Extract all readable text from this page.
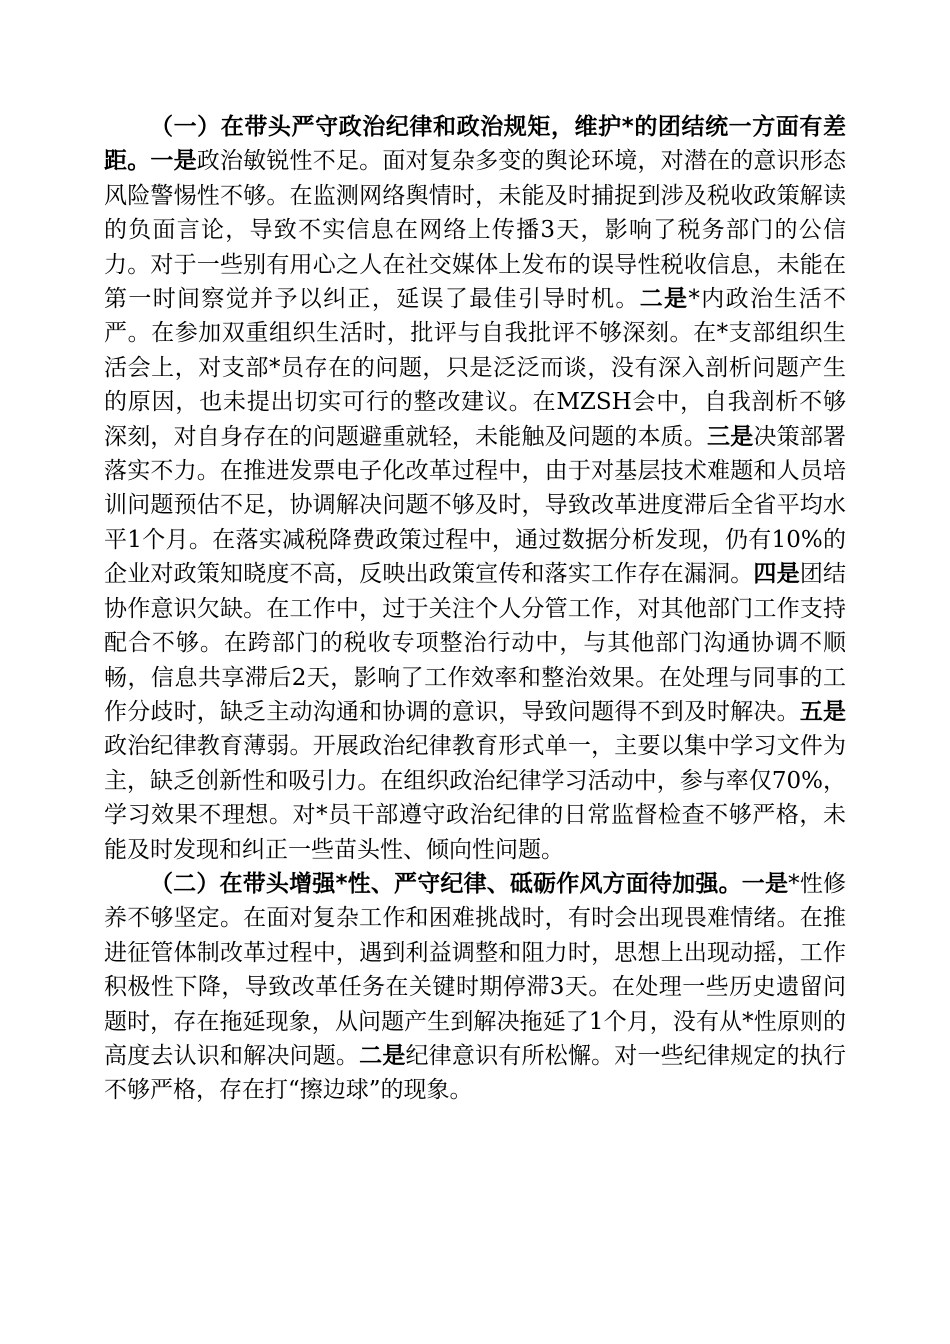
（一）在带头严守政治纪律和政治规矩，维护*的团结统一方面有差距。一是政治敏锐性不足。面对复杂多变的舆论环境，对潜在的意识形态风险警惕性不够。在监测网络舆情时，未能及时捕捉到涉及税收政策解读的负面言论，导致不实信息在网络上传播3天，影响了税务部门的公信力。对于一些别有用心之人在社交媒体上发布的误导性税收信息，未能在第一时间察觉并予以纠正，延误了最佳引导时机。二是*内政治生活不严。在参加双重组织生活时，批评与自我批评不够深刻。在*支部组织生活会上，对支部*员存在的问题，只是泛泛而谈，没有深入剖析问题产生的原因，也未提出切实可行的整改建议。在MZSH会中，自我剖析不够深刻，对自身存在的问题避重就轻，未能触及问题的本质。三是决策部署落实不力。在推进发票电子化改革过程中，由于对基层技术难题和人员培训问题预估不足，协调解决问题不够及时，导致改革进度滞后全省平均水平1个月。在落实减税降费政策过程中，通过数据分析发现，仍有10%的企业对政策知晓度不高，反映出政策宣传和落实工作存在漏洞。四是团结协作意识欠缺。在工作中，过于关注个人分管工作，对其他部门工作支持配合不够。在跨部门的税收专项整治行动中，与其他部门沟通协调不顺畅，信息共享滞后2天，影响了工作效率和整治效果。在处理与同事的工作分歧时，缺乏主动沟通和协调的意识，导致问题得不到及时解决。五是政治纪律教育薄弱。开展政治纪律教育形式单一，主要以集中学习文件为主，缺乏创新性和吸引力。在组织政治纪律学习活动中，参与率仅70%，学习效果不理想。对*员干部遵守政治纪律的日常监督检查不够严格，未能及时发现和纠正一些苗头性、倾向性问题。

（二）在带头增强*性、严守纪律、砥砺作风方面待加强。一是*性修养不够坚定。在面对复杂工作和困难挑战时，有时会出现畏难情绪。在推进征管体制改革过程中，遇到利益调整和阻力时，思想上出现动摇，工作积极性下降，导致改革任务在关键时期停滞3天。在处理一些历史遗留问题时，存在拖延现象，从问题产生到解决拖延了1个月，没有从*性原则的高度去认识和解决问题。二是纪律意识有所松懈。对一些纪律规定的执行不够严格，存在打“擦边球”的现象。
